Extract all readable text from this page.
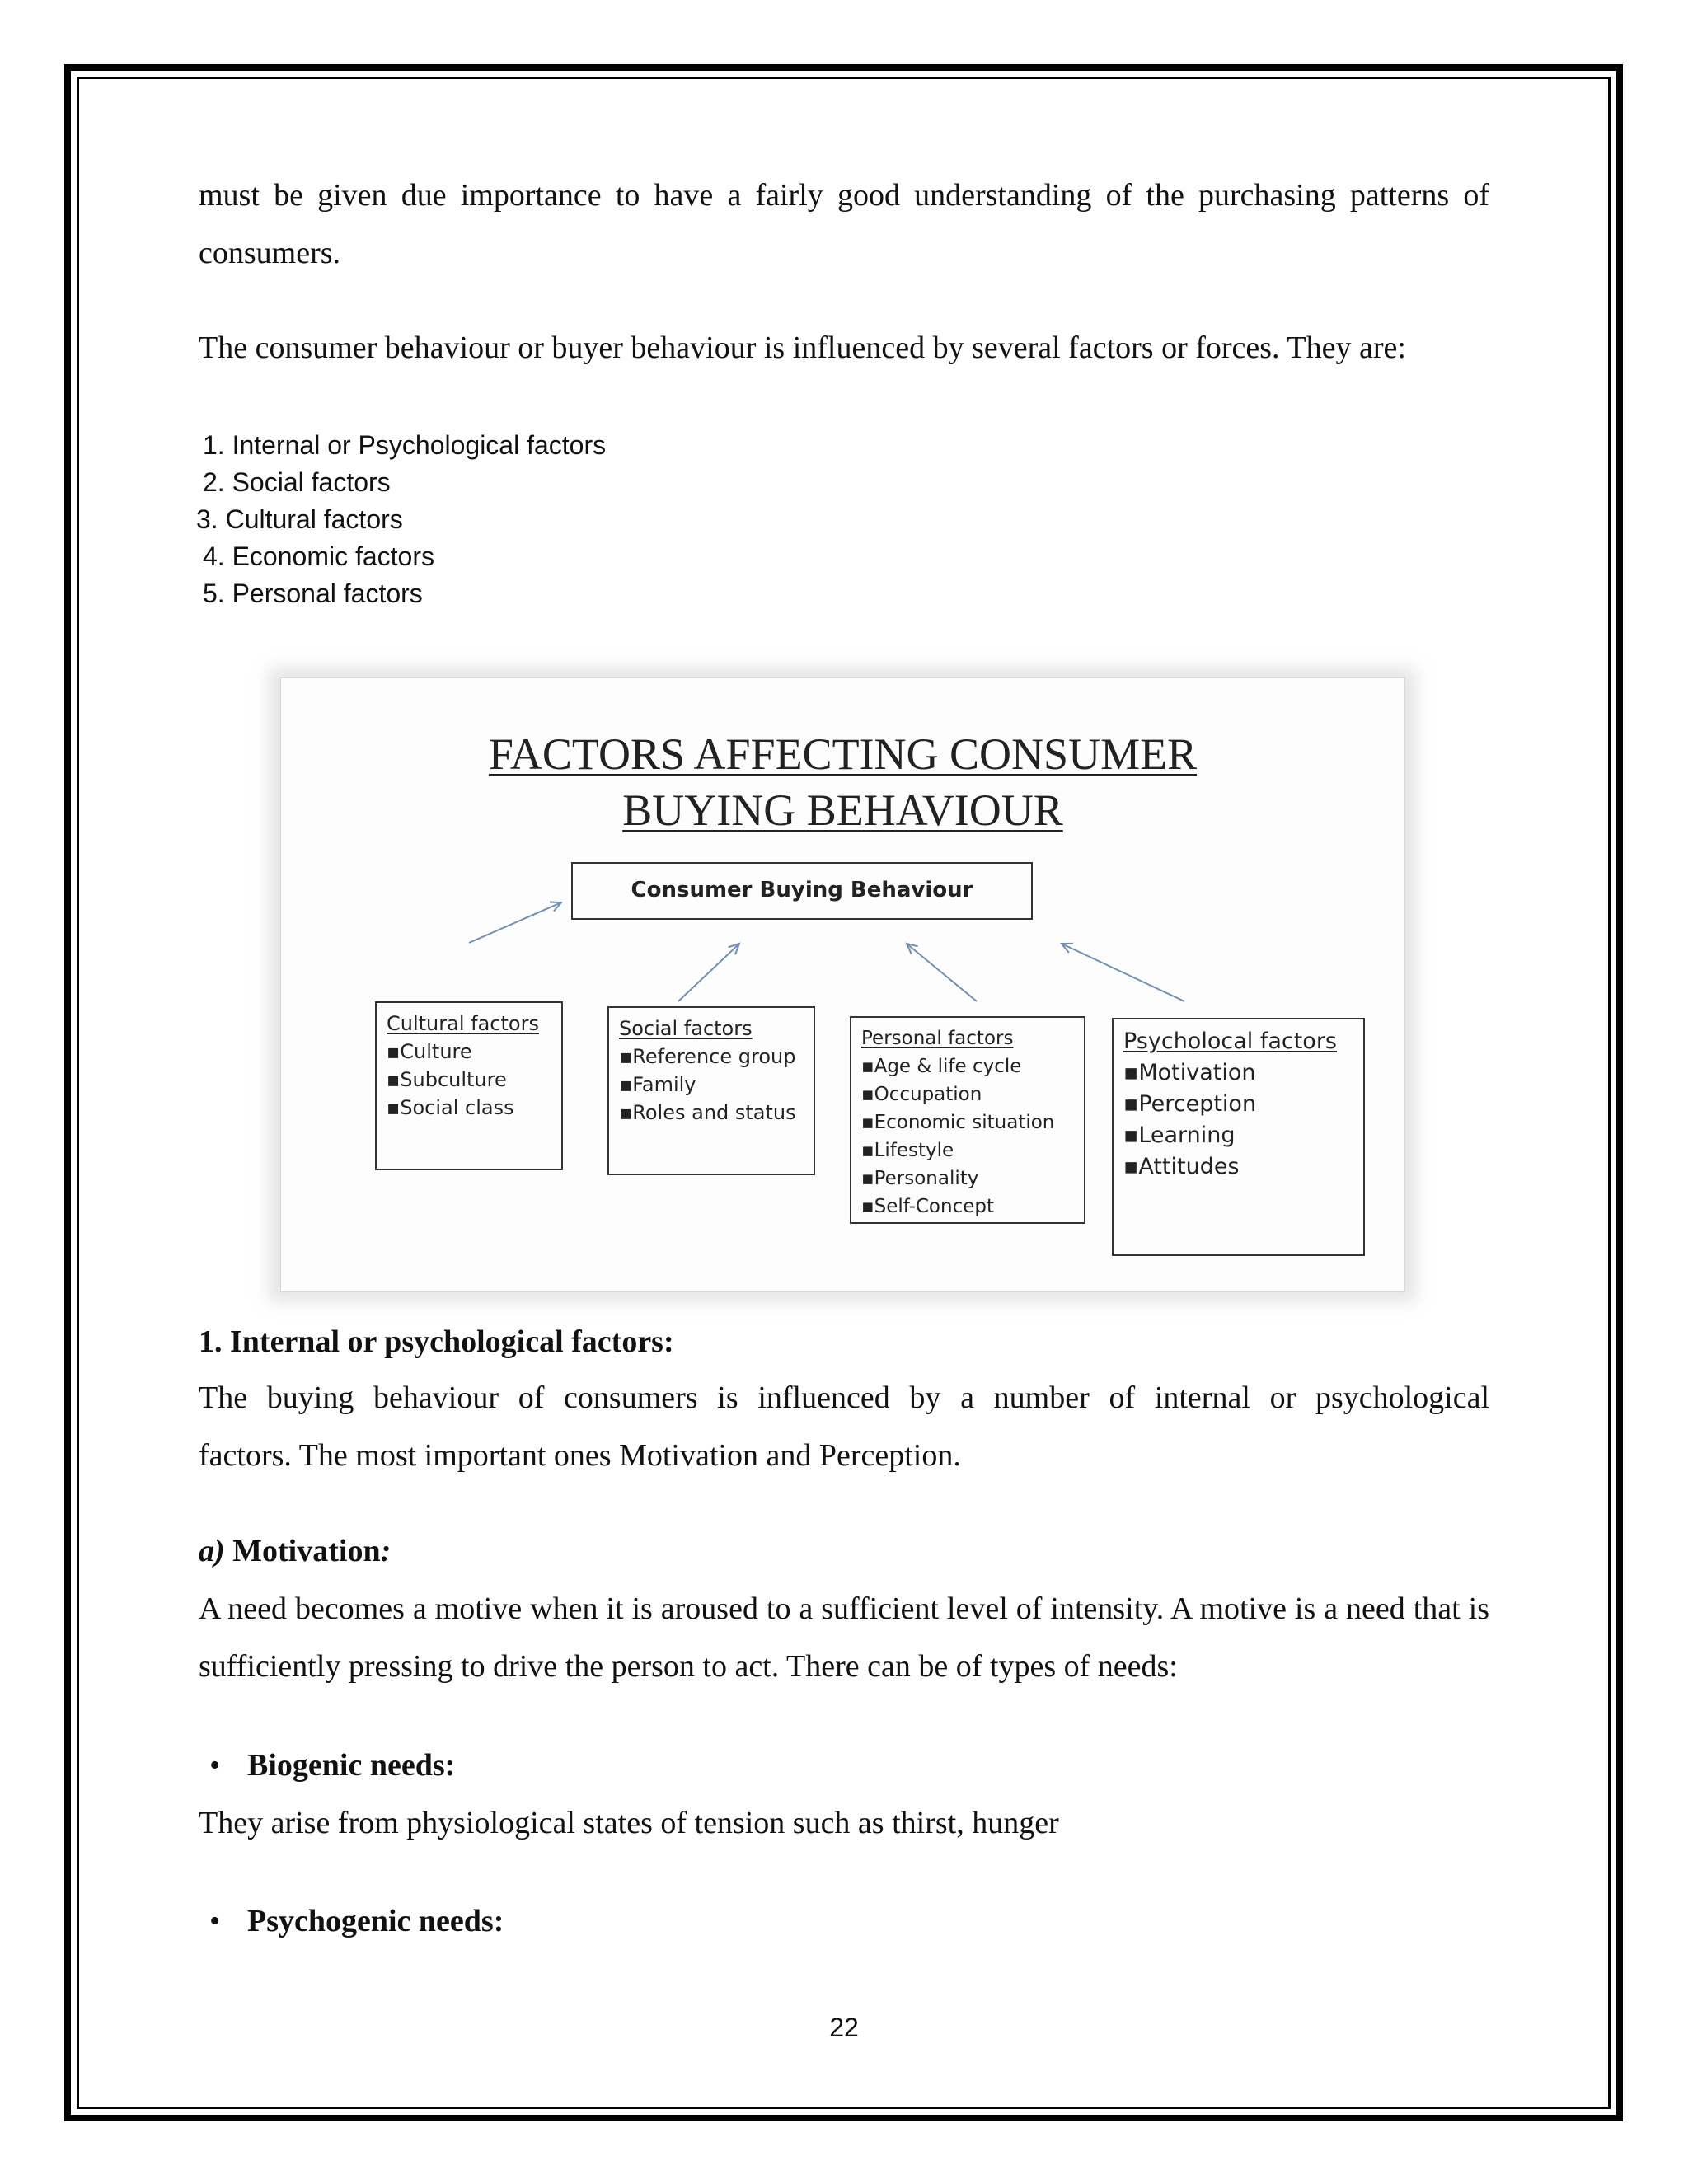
must be given due importance to have a fairly good understanding of the purchasing patterns of consumers.
The consumer behaviour or buyer behaviour is influenced by several factors or forces. They are:
1. Internal or Psychological factors
2. Social factors
3. Cultural factors
4. Economic factors
5. Personal factors
FACTORS AFFECTING CONSUMER
BUYING BEHAVIOUR
Consumer Buying Behaviour
Cultural factors
▪ Culture
▪ Subculture
▪ Social class
Social factors
▪ Reference group
▪ Family
▪ Roles and status
Personal factors
▪ Age & life cycle
▪ Occupation
▪ Economic situation
▪ Lifestyle
▪ Personality
▪ Self-Concept
Psycholocal factors
▪ Motivation
▪ Perception
▪ Learning
▪ Attitudes
1. Internal or psychological factors:
The buying behaviour of consumers is influenced by a number of internal or psychological
factors. The most important ones Motivation and Perception.
a) Motivation:
A need becomes a motive when it is aroused to a sufficient level of intensity. A motive is a need that is sufficiently pressing to drive the person to act. There can be of types of needs:
• Biogenic needs:
They arise from physiological states of tension such as thirst, hunger
• Psychogenic needs:
22
